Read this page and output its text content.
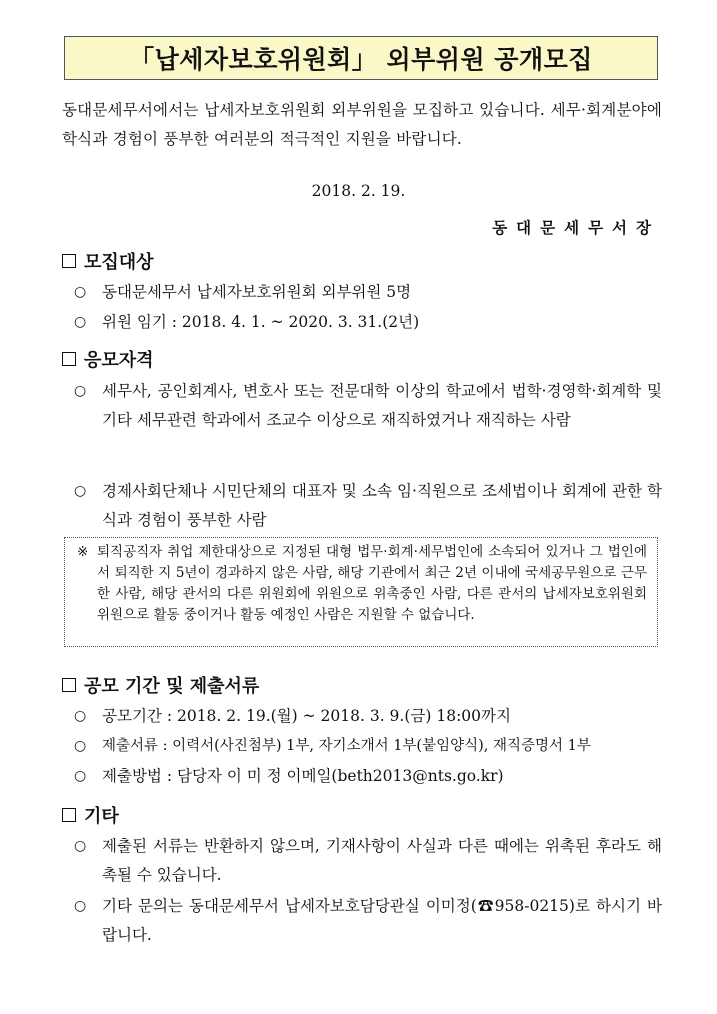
「납세자보호위원회」 외부위원 공개모집
동대문세무서에서는 납세자보호위원회 외부위원을 모집하고 있습니다. 세무·회계분야에 학식과 경험이 풍부한 여러분의 적극적인 지원을 바랍니다.
2018. 2. 19.
동대문세무서장
모집대상
○	동대문세무서 납세자보호위원회 외부위원 5명
○	위원 임기 : 2018. 4. 1. ~ 2020. 3. 31.(2년)
응모자격
○	세무사, 공인회계사, 변호사 또는 전문대학 이상의 학교에서 법학·경영학·회계학 및 기타 세무관련 학과에서 조교수 이상으로 재직하였거나 재직하는 사람
○	경제사회단체나 시민단체의 대표자 및 소속 임·직원으로 조세법이나 회계에 관한 학식과 경험이 풍부한 사람
※ 퇴직공직자 취업 제한대상으로 지정된 대형 법무·회계·세무법인에 소속되어 있거나 그 법인에서 퇴직한 지 5년이 경과하지 않은 사람, 해당 기관에서 최근 2년 이내에 국세공무원으로 근무한 사람, 해당 관서의 다른 위원회에 위원으로 위촉중인 사람, 다른 관서의 납세자보호위원회 위원으로 활동 중이거나 활동 예정인 사람은 지원할 수 없습니다.
공모 기간 및 제출서류
○	공모기간 : 2018. 2. 19.(월) ~ 2018. 3. 9.(금) 18:00까지
○	제출서류 : 이력서(사진첨부) 1부, 자기소개서 1부(붙임양식), 재직증명서 1부
○	제출방법 : 담당자 이 미 정 이메일(beth2013@nts.go.kr)
기타
○	제출된 서류는 반환하지 않으며, 기재사항이 사실과 다른 때에는 위촉된 후라도 해촉될 수 있습니다.
○	기타 문의는 동대문세무서 납세자보호담당관실 이미정(☎958-0215)로 하시기 바랍니다.
